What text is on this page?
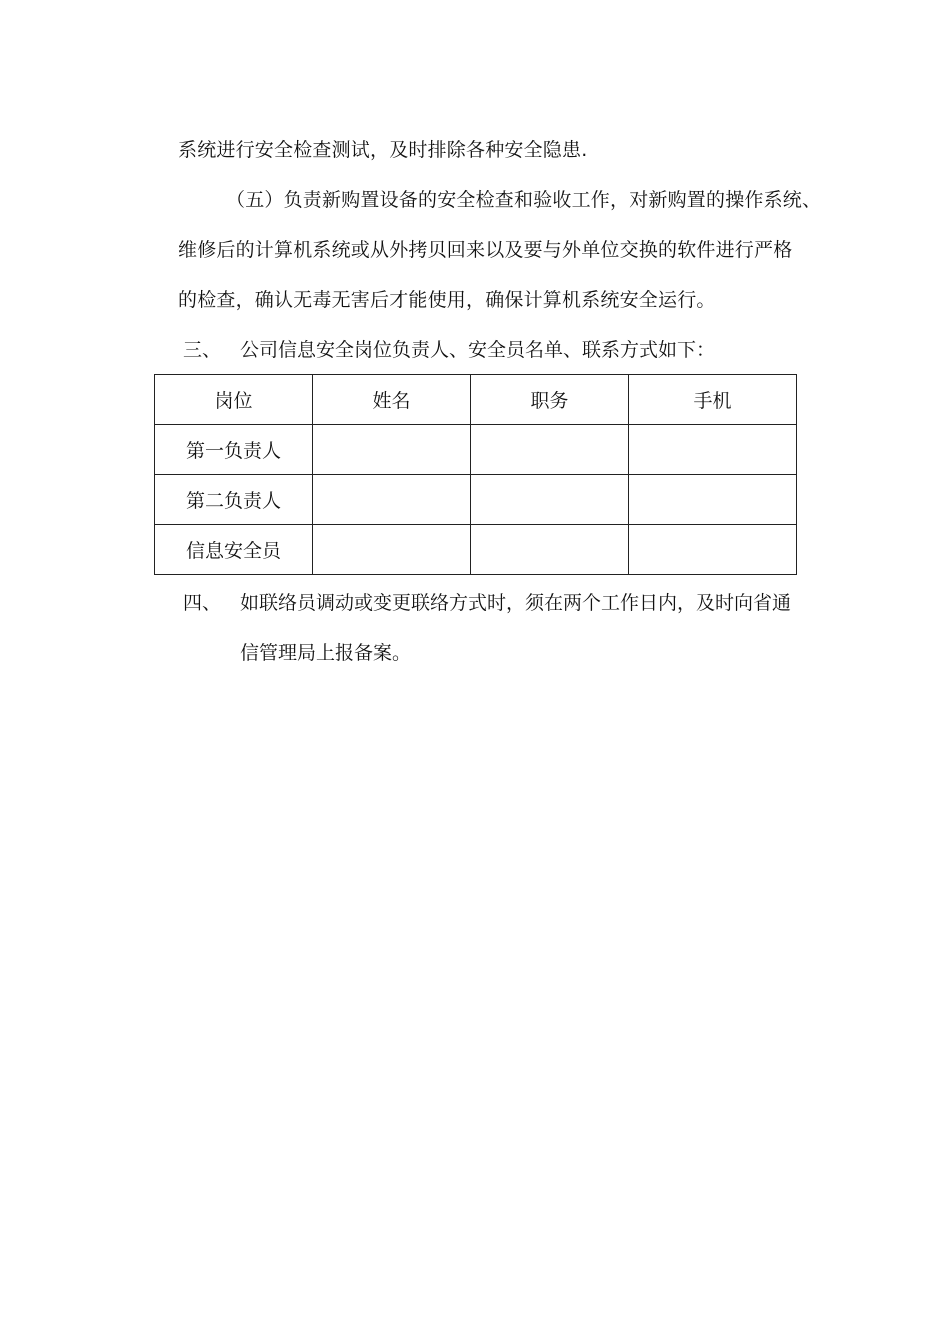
系统进行安全检查测试，及时排除各种安全隐患.
（五）负责新购置设备的安全检查和验收工作，对新购置的操作系统、
维修后的计算机系统或从外拷贝回来以及要与外单位交换的软件进行严格
的检查，确认无毒无害后才能使用，确保计算机系统安全运行。
三、 公司信息安全岗位负责人、安全员名单、联系方式如下：
岗位	姓名	职务	手机
第一负责人			
第二负责人			
信息安全员			
四、 如联络员调动或变更联络方式时，须在两个工作日内，及时向省通
信管理局上报备案。
